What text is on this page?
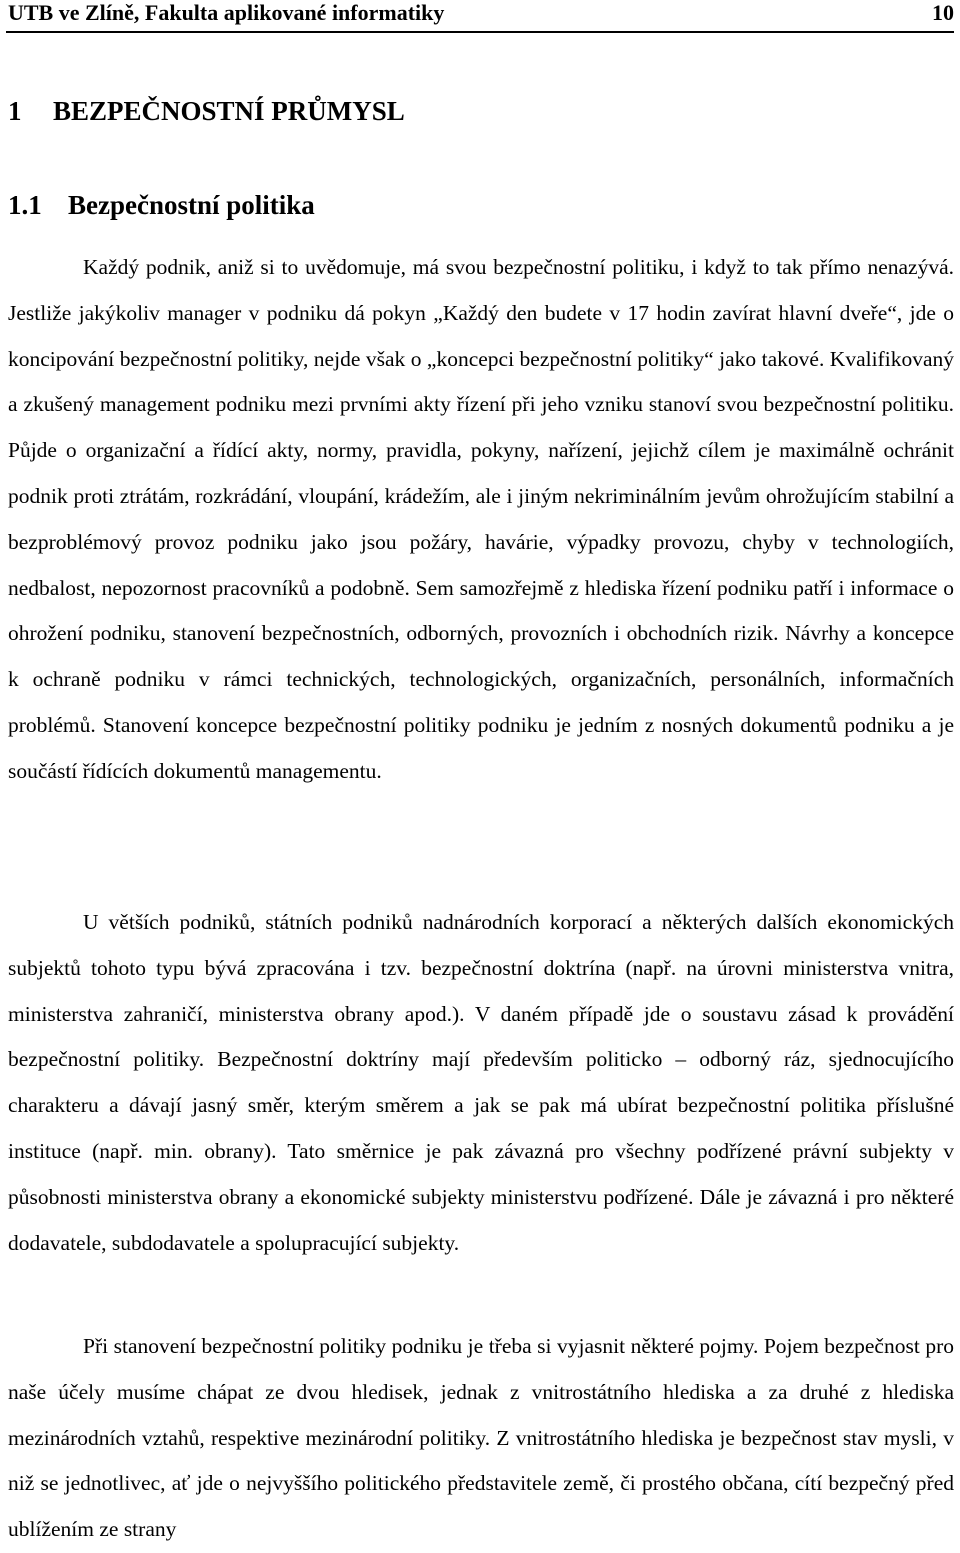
UTB ve Zlíně, Fakulta aplikované informatiky	10
1 BEZPEČNOSTNÍ PRŮMYSL
1.1 Bezpečnostní politika

Každý podnik, aniž si to uvědomuje, má svou bezpečnostní politiku, i když to tak přímo nenazývá. Jestliže jakýkoliv manager v podniku dá pokyn „Každý den budete v 17 hodin zavírat hlavní dveře“, jde o koncipování bezpečnostní politiky, nejde však o „koncepci bezpečnostní politiky“ jako takové. Kvalifikovaný a zkušený management podniku mezi prvními akty řízení při jeho vzniku stanoví svou bezpečnostní politiku. Půjde o organizační a řídící akty, normy, pravidla, pokyny, nařízení, jejichž cílem je maximálně ochránit podnik proti ztrátám, rozkrádání, vloupání, krádežím, ale i jiným nekriminálním jevům ohrožujícím stabilní a bezproblémový provoz podniku jako jsou požáry, havárie, výpadky provozu, chyby v technologiích, nedbalost, nepozornost pracovníků a podobně. Sem samozřejmě z hlediska řízení podniku patří i informace o ohrožení podniku, stanovení bezpečnostních, odborných, provozních i obchodních rizik. Návrhy a koncepce k ochraně podniku v rámci technických, technologických, organizačních, personálních, informačních problémů. Stanovení koncepce bezpečnostní politiky podniku je jedním z nosných dokumentů podniku a je součástí řídících dokumentů managementu.

U větších podniků, státních podniků nadnárodních korporací a některých dalších ekonomických subjektů tohoto typu bývá zpracována i tzv. bezpečnostní doktrína (např. na úrovni ministerstva vnitra, ministerstva zahraničí, ministerstva obrany apod.). V daném případě jde o soustavu zásad k provádění bezpečnostní politiky. Bezpečnostní doktríny mají především politicko – odborný ráz, sjednocujícího charakteru a dávají jasný směr, kterým směrem a jak se pak má ubírat bezpečnostní politika příslušné instituce (např. min. obrany). Tato směrnice je pak závazná pro všechny podřízené právní subjekty v působnosti ministerstva obrany a ekonomické subjekty ministerstvu podřízené. Dále je závazná i pro některé dodavatele, subdodavatele a spolupracující subjekty.

Při stanovení bezpečnostní politiky podniku je třeba si vyjasnit některé pojmy. Pojem bezpečnost pro naše účely musíme chápat ze dvou hledisek, jednak z vnitrostátního hlediska a za druhé z hlediska mezinárodních vztahů, respektive mezinárodní politiky. Z vnitrostátního hlediska je bezpečnost stav mysli, v niž se jednotlivec, ať jde o nejvyššího politického představitele země, či prostého občana, cítí bezpečný před ublížením ze strany
